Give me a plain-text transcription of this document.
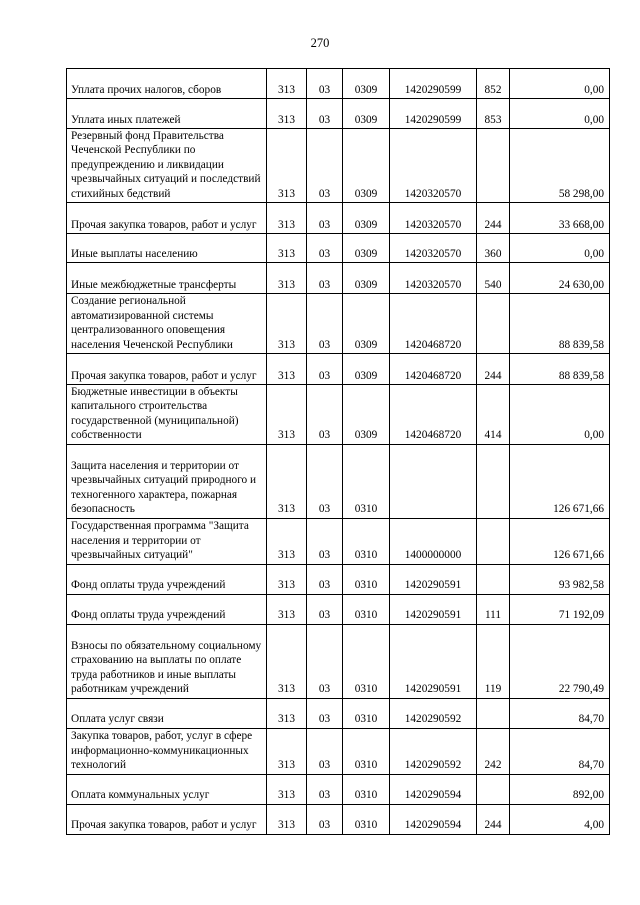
270
Уплата прочих налогов, сборов	313	03	0309	1420290599	852	0,00
Уплата иных платежей	313	03	0309	1420290599	853	0,00
Резервный фонд Правительства Чеченской Республики по предупреждению и ликвидации чрезвычайных ситуаций и последствий стихийных бедствий	313	03	0309	1420320570		58 298,00
Прочая закупка товаров, работ и услуг	313	03	0309	1420320570	244	33 668,00
Иные выплаты населению	313	03	0309	1420320570	360	0,00
Иные межбюджетные трансферты	313	03	0309	1420320570	540	24 630,00
Создание региональной автоматизированной системы централизованного оповещения населения Чеченской Республики	313	03	0309	1420468720		88 839,58
Прочая закупка товаров, работ и услуг	313	03	0309	1420468720	244	88 839,58
Бюджетные инвестиции в объекты капитального строительства государственной (муниципальной) собственности	313	03	0309	1420468720	414	0,00
Защита населения и территории от чрезвычайных ситуаций природного и техногенного характера, пожарная безопасность	313	03	0310			126 671,66
Государственная программа "Защита населения и территории от чрезвычайных ситуаций"	313	03	0310	1400000000		126 671,66
Фонд оплаты труда учреждений	313	03	0310	1420290591		93 982,58
Фонд оплаты труда учреждений	313	03	0310	1420290591	111	71 192,09
Взносы по обязательному социальному страхованию на выплаты по оплате труда работников и иные выплаты работникам учреждений	313	03	0310	1420290591	119	22 790,49
Оплата услуг связи	313	03	0310	1420290592		84,70
Закупка товаров, работ, услуг в сфере информационно-коммуникационных технологий	313	03	0310	1420290592	242	84,70
Оплата коммунальных услуг	313	03	0310	1420290594		892,00
Прочая закупка товаров, работ и услуг	313	03	0310	1420290594	244	4,00
